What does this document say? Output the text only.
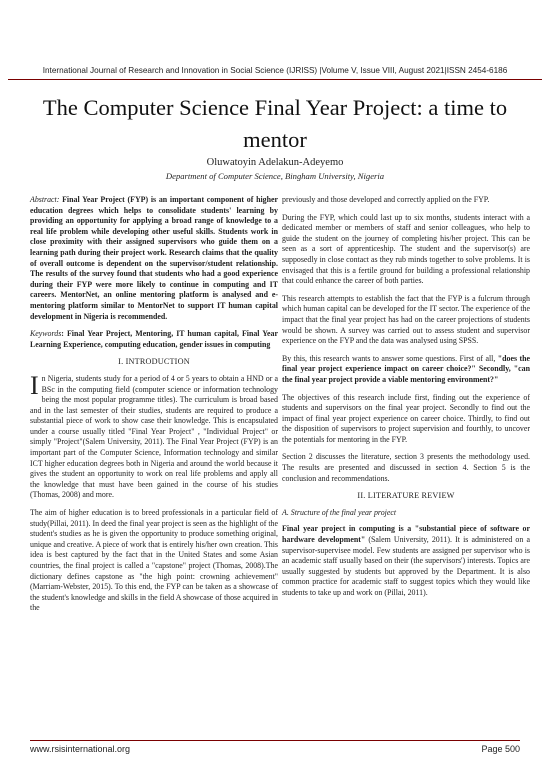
International Journal of Research and Innovation in Social Science (IJRISS) |Volume V, Issue VIII, August 2021|ISSN 2454-6186
The Computer Science Final Year Project: a time to mentor
Oluwatoyin Adelakun-Adeyemo
Department of Computer Science, Bingham University, Nigeria

Abstract: Final Year Project (FYP) is an important component of higher education degrees which helps to consolidate students' learning by providing an opportunity for applying a broad range of knowledge to a real life problem while developing other useful skills. Students work in close proximity with their assigned supervisors who guide them on a learning path during their project work. Research claims that the quality of overall outcome is dependent on the supervisor/student relationship. The results of the survey found that students who had a good experience during their FYP were more likely to continue in computing and IT careers. MentorNet, an online mentoring platform is analysed and e-mentoring platform similar to MentorNet to support IT human capital development in Nigeria is recommended.

Keywords: Final Year Project, Mentoring, IT human capital, Final Year Learning Experience, computing education, gender issues in computing

I. INTRODUCTION

In Nigeria, students study for a period of 4 or 5 years to obtain a HND or a BSc in the computing field (computer science or information technology being the most popular programme titles). The curriculum is broad based and in the last semester of their studies, students are required to produce a substantial piece of work to show case their knowledge. This is encapsulated under a course usually titled "Final Year Project" , "Individual Project" or simply "Project"(Salem University, 2011). The Final Year Project (FYP) is an important part of the Computer Science, Information technology and similar ICT higher education degrees both in Nigeria and around the world because it gives the student an opportunity to work on real life problems and apply all the knowledge that must have been gained in the course of his studies (Thomas, 2008) and more.

The aim of higher education is to breed professionals in a particular field of study(Pillai, 2011). In deed the final year project is seen as the highlight of the student's studies as he is given the opportunity to produce something original, unique and creative. A piece of work that is entirely his/her own creation. This idea is best captured by the fact that in the United States and some Asian countries, the final project is called a "capstone" project (Thomas, 2008).The dictionary defines capstone as "the high point: crowning achievement"(Marriam-Webster, 2015). To this end, the FYP can be taken as a showcase of the student's knowledge and skills in the field A showcase of those acquired in the

previously and those developed and correctly applied on the FYP.

During the FYP, which could last up to six months, students interact with a dedicated member or members of staff and senior colleagues, who help to guide the student on the journey of completing his/her project. This can be seen as a sort of apprenticeship. The student and the supervisor(s) are supposedly in close contact as they rub minds together to solve problems. It is envisaged that this is a fertile ground for building a professional relationship that could enhance the career of both parties.

This research attempts to establish the fact that the FYP is a fulcrum through which human capital can be developed for the IT sector. The experience of the impact that the final year project has had on the career projections of students would be shown. A survey was carried out to assess student and supervisor experience on the FYP and the data was analysed using SPSS.

By this, this research wants to answer some questions. First of all, "does the final year project experience impact on career choice?" Secondly, "can the final year project provide a viable mentoring environment?"

The objectives of this research include first, finding out the experience of students and supervisors on the final year project. Secondly to find out the impact of final year project experience on career choice. Thirdly, to find out the disposition of supervisors to project supervision and fourthly, to uncover the potentials for mentoring in the FYP.

Section 2 discusses the literature, section 3 presents the methodology used. The results are presented and discussed in section 4. Section 5 is the conclusion and recommendations.

II. LITERATURE REVIEW
A. Structure of the final year project

Final year project in computing is a "substantial piece of software or hardware development" (Salem University, 2011). It is administered on a supervisor-supervisee model. Few students are assigned per supervisor who is an academic staff usually based on their (the supervisors') interests. Topics are usually suggested by students but approved by the Department. It is also common practice for academic staff to suggest topics which they would like students to take up and work on (Pillai, 2011).

www.rsisinternational.org	Page 500
